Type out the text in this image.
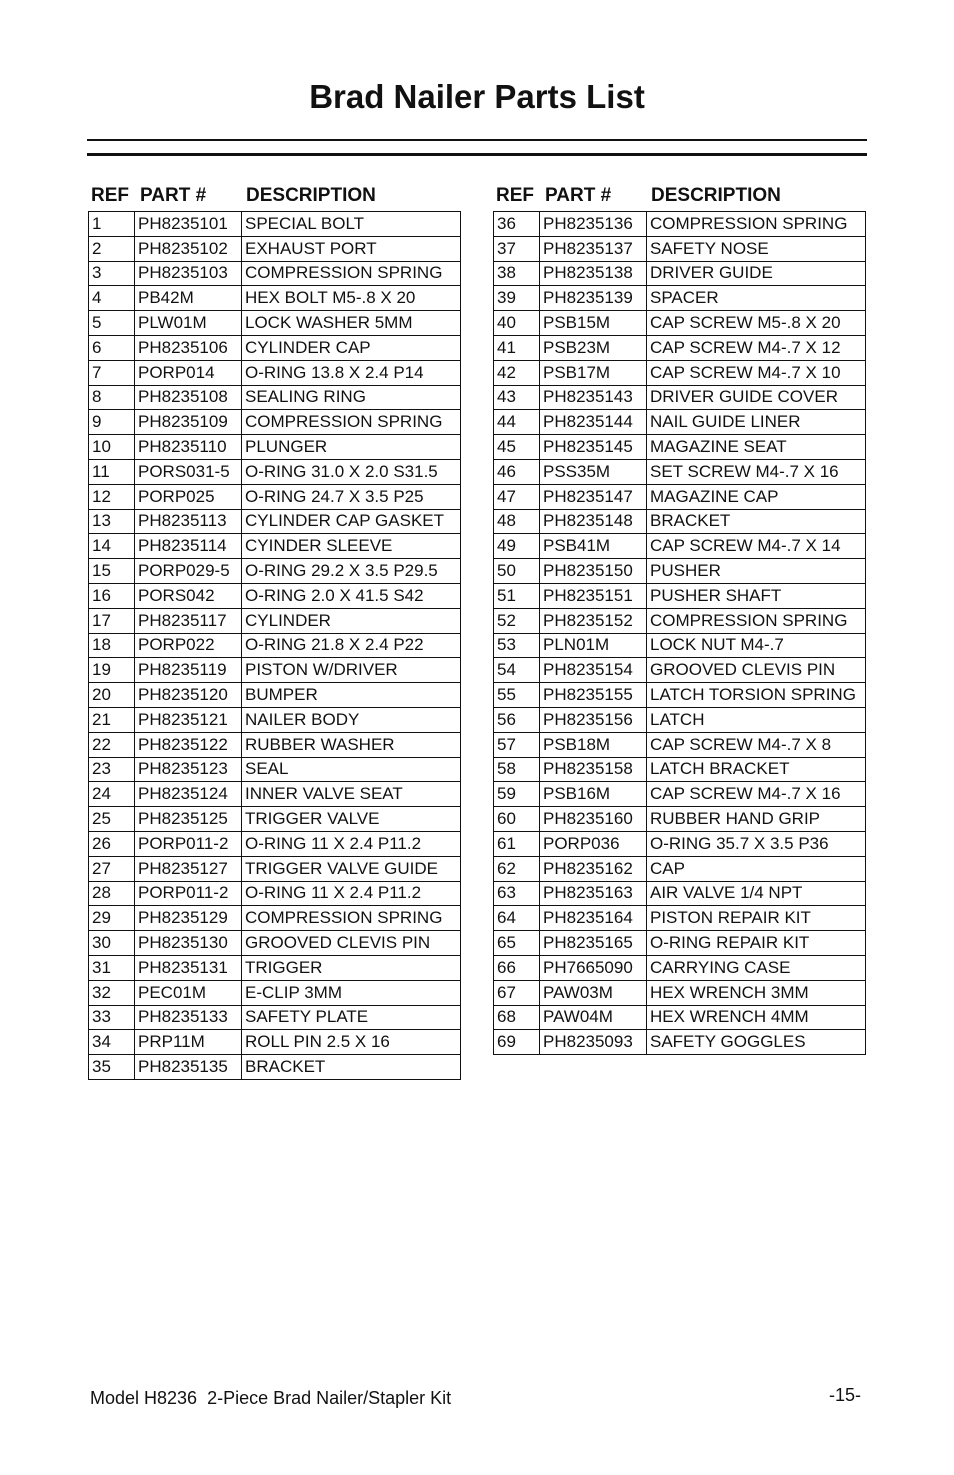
Brad Nailer Parts List
REF PART # DESCRIPTION
1	PH8235101	SPECIAL BOLT
2	PH8235102	EXHAUST PORT
3	PH8235103	COMPRESSION SPRING
4	PB42M	HEX BOLT M5-.8 X 20
5	PLW01M	LOCK WASHER 5MM
6	PH8235106	CYLINDER CAP
7	PORP014	O-RING 13.8 X 2.4 P14
8	PH8235108	SEALING RING
9	PH8235109	COMPRESSION SPRING
10	PH8235110	PLUNGER
11	PORS031-5	O-RING 31.0 X 2.0 S31.5
12	PORP025	O-RING 24.7 X 3.5 P25
13	PH8235113	CYLINDER CAP GASKET
14	PH8235114	CYINDER SLEEVE
15	PORP029-5	O-RING 29.2 X 3.5 P29.5
16	PORS042	O-RING 2.0 X 41.5 S42
17	PH8235117	CYLINDER
18	PORP022	O-RING 21.8 X 2.4 P22
19	PH8235119	PISTON W/DRIVER
20	PH8235120	BUMPER
21	PH8235121	NAILER BODY
22	PH8235122	RUBBER WASHER
23	PH8235123	SEAL
24	PH8235124	INNER VALVE SEAT
25	PH8235125	TRIGGER VALVE
26	PORP011-2	O-RING 11 X 2.4 P11.2
27	PH8235127	TRIGGER VALVE GUIDE
28	PORP011-2	O-RING 11 X 2.4 P11.2
29	PH8235129	COMPRESSION SPRING
30	PH8235130	GROOVED CLEVIS PIN
31	PH8235131	TRIGGER
32	PEC01M	E-CLIP 3MM
33	PH8235133	SAFETY PLATE
34	PRP11M	ROLL PIN 2.5 X 16
35	PH8235135	BRACKET
REF PART # DESCRIPTION
36	PH8235136	COMPRESSION SPRING
37	PH8235137	SAFETY NOSE
38	PH8235138	DRIVER GUIDE
39	PH8235139	SPACER
40	PSB15M	CAP SCREW M5-.8 X 20
41	PSB23M	CAP SCREW M4-.7 X 12
42	PSB17M	CAP SCREW M4-.7 X 10
43	PH8235143	DRIVER GUIDE COVER
44	PH8235144	NAIL GUIDE LINER
45	PH8235145	MAGAZINE SEAT
46	PSS35M	SET SCREW M4-.7 X 16
47	PH8235147	MAGAZINE CAP
48	PH8235148	BRACKET
49	PSB41M	CAP SCREW M4-.7 X 14
50	PH8235150	PUSHER
51	PH8235151	PUSHER SHAFT
52	PH8235152	COMPRESSION SPRING
53	PLN01M	LOCK NUT M4-.7
54	PH8235154	GROOVED CLEVIS PIN
55	PH8235155	LATCH TORSION SPRING
56	PH8235156	LATCH
57	PSB18M	CAP SCREW M4-.7 X 8
58	PH8235158	LATCH BRACKET
59	PSB16M	CAP SCREW M4-.7 X 16
60	PH8235160	RUBBER HAND GRIP
61	PORP036	O-RING 35.7 X 3.5 P36
62	PH8235162	CAP
63	PH8235163	AIR VALVE 1/4 NPT
64	PH8235164	PISTON REPAIR KIT
65	PH8235165	O-RING REPAIR KIT
66	PH7665090	CARRYING CASE
67	PAW03M	HEX WRENCH 3MM
68	PAW04M	HEX WRENCH 4MM
69	PH8235093	SAFETY GOGGLES
Model H8236  2-Piece Brad Nailer/Stapler Kit	-15-
